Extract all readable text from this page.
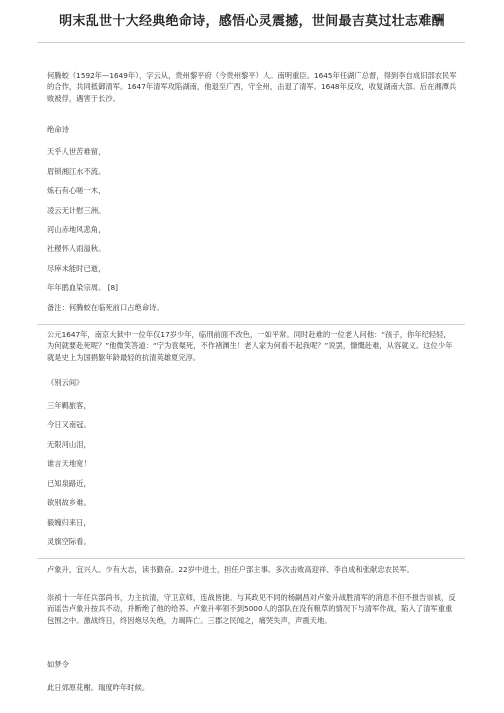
明末乱世十大经典绝命诗，感悟心灵震撼，世间最吉莫过壮志难酬

何腾蛟（1592年—1649年），字云从，贵州黎平府（今贵州黎平）人。南明重臣。1645年任湖广总督，得到李自成旧部农民军的合作，共同抵御清军。1647年清军攻陷湖南，他退至广西，守全州，击退了清军。1648年反攻，收复湖南大部。后在湘潭兵败被俘，遇害于长沙。

绝命诗

天乎人世苦难留，

眉锁湘江水不流。

炼石有心嗟一木，

凌云无计慰三洲。

河山赤地风悲角，

社稷怀人雨溢秋。

尽瘁未能时已逝，

年年鹃血染宗周。 [8]

备注：何腾蛟在临死前口占绝命诗。

公元1647年，南京大狱中一位年仅17岁少年，临刑前面不改色，一如平常。同时赴难的一位老人问他：“孩子，你年纪轻轻，为何就要赴死呢？”他微笑答道：“宁为袁粲死，不作褚渊生！老人家为何看不起我呢？”说罢，慷慨赴难，从容就义。这位少年就是史上为国捐躯年龄最轻的抗清英雄夏完淳。

《别云间》

三年羁旅客，

今日又南冠。

无限河山泪，

谁言天地宽！

已知泉路近，

欲别故乡难。

毅魄归来日，

灵旗空际看。

卢象升，宜兴人。少有大志，读书勤奋。22岁中进士，担任户部主事。多次击败高迎祥、李自成和张献忠农民军。

崇祯十一年任兵部尚书，力主抗清，守卫京师，连战皆捷。与其政见不同的杨嗣昌对卢象升战胜清军的消息不但不报告崇祯，反而谣告卢象升按兵不动，并断绝了他的给养。卢象升率领不到5000人的部队在没有粮草的情况下与清军作战，陷入了清军重重包围之中。激战终日，终因炮尽矢绝，力竭阵亡。三郡之民闻之，痛哭失声，声震天地。

如梦令

此日郊原花榭。瑞度昨年时候。
